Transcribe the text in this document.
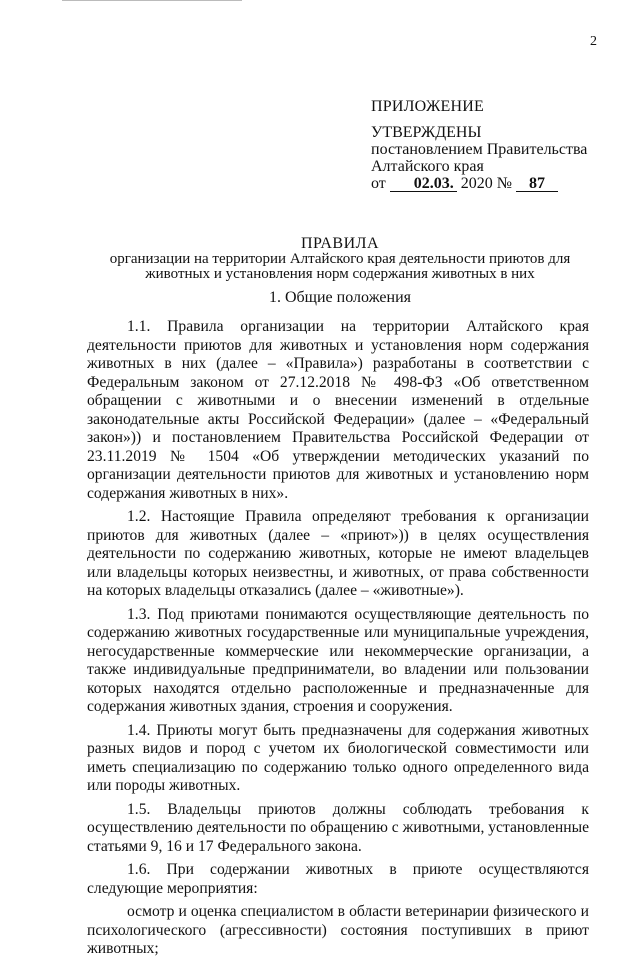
2
ПРИЛОЖЕНИЕ
УТВЕРЖДЕНЫ
постановлением Правительства
Алтайского края
от 02.03. 2020 № 87
ПРАВИЛА
организации на территории Алтайского края деятельности приютов для животных и установления норм содержания животных в них
1. Общие положения

1.1. Правила организации на территории Алтайского края деятельности приютов для животных и установления норм содержания животных в них (далее – «Правила») разработаны в соответствии с Федеральным законом от 27.12.2018 № 498-ФЗ «Об ответственном обращении с животными и о внесении изменений в отдельные законодательные акты Российской Федерации» (далее – «Федеральный закон»)) и постановлением Правительства Российской Федерации от 23.11.2019 № 1504 «Об утверждении методических указаний по организации деятельности приютов для животных и установлению норм содержания животных в них».

1.2. Настоящие Правила определяют требования к организации приютов для животных (далее – «приют»)) в целях осуществления деятельности по содержанию животных, которые не имеют владельцев или владельцы которых неизвестны, и животных, от права собственности на которых владельцы отказались (далее – «животные»).

1.3. Под приютами понимаются осуществляющие деятельность по содержанию животных государственные или муниципальные учреждения, негосударственные коммерческие или некоммерческие организации, а также индивидуальные предприниматели, во владении или пользовании которых находятся отдельно расположенные и предназначенные для содержания животных здания, строения и сооружения.

1.4. Приюты могут быть предназначены для содержания животных разных видов и пород с учетом их биологической совместимости или иметь специализацию по содержанию только одного определенного вида или породы животных.

1.5. Владельцы приютов должны соблюдать требования к осуществлению деятельности по обращению с животными, установленные статьями 9, 16 и 17 Федерального закона.

1.6. При содержании животных в приюте осуществляются следующие мероприятия:

осмотр и оценка специалистом в области ветеринарии физического и психологического (агрессивности) состояния поступивших в приют животных;
